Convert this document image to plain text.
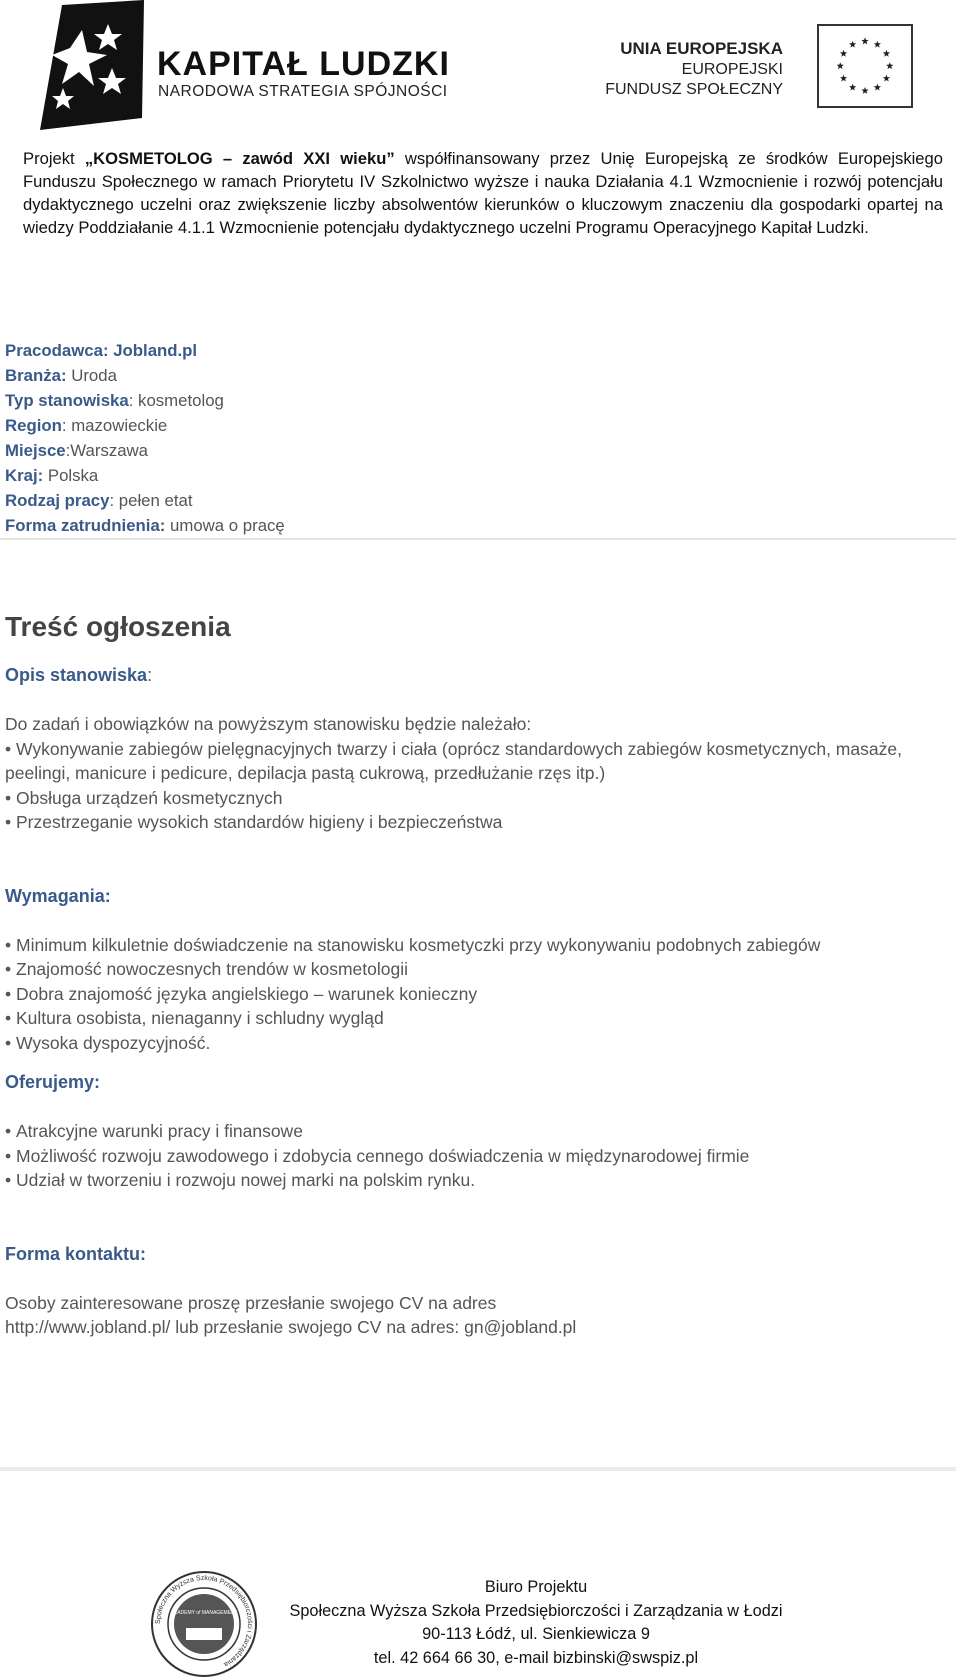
KAPITAŁ LUDZKI
NARODOWA STRATEGIA SPÓJNOŚCI
UNIA EUROPEJSKA
EUROPEJSKI
FUNDUSZ SPOŁECZNY
Projekt „KOSMETOLOG – zawód XXI wieku” współfinansowany przez Unię Europejską ze środków Europejskiego Funduszu Społecznego w ramach Priorytetu IV Szkolnictwo wyższe i nauka Działania 4.1 Wzmocnienie i rozwój potencjału dydaktycznego uczelni oraz zwiększenie liczby absolwentów kierunków o kluczowym znaczeniu dla gospodarki opartej na wiedzy Poddziałanie 4.1.1 Wzmocnienie potencjału dydaktycznego uczelni Programu Operacyjnego Kapitał Ludzki.
Pracodawca: Jobland.pl
Branża: Uroda
Typ stanowiska: kosmetolog
Region: mazowieckie
Miejsce:Warszawa
Kraj: Polska
Rodzaj pracy: pełen etat
Forma zatrudnienia: umowa o pracę
Treść ogłoszenia
Opis stanowiska:

Do zadań i obowiązków na powyższym stanowisku będzie należało:

• Wykonywanie zabiegów pielęgnacyjnych twarzy i ciała (oprócz standardowych zabiegów kosmetycznych, masaże, peelingi, manicure i pedicure, depilacja pastą cukrową, przedłużanie rzęs itp.)
• Obsługa urządzeń kosmetycznych
• Przestrzeganie wysokich standardów higieny i bezpieczeństwa
Wymagania:
• Minimum kilkuletnie doświadczenie na stanowisku kosmetyczki przy wykonywaniu podobnych zabiegów
• Znajomość nowoczesnych trendów w kosmetologii
• Dobra znajomość języka angielskiego – warunek konieczny
• Kultura osobista, nienaganny i schludny wygląd
• Wysoka dyspozycyjność.
Oferujemy:
• Atrakcyjne warunki pracy i finansowe
• Możliwość rozwoju zawodowego i zdobycia cennego doświadczenia w międzynarodowej firmie
• Udział w tworzeniu i rozwoju nowej marki na polskim rynku.
Forma kontaktu:
Osoby zainteresowane proszę przesłanie swojego CV na adres
http://www.jobland.pl/ lub przesłanie swojego CV na adres: gn@jobland.pl
Społeczna Wyższa Szkoła Przedsiębiorczości i Zarządzania
ACADEMY of MANAGEMENT
Biuro Projektu
Społeczna Wyższa Szkoła Przedsiębiorczości i Zarządzania w Łodzi
90-113 Łódź, ul. Sienkiewicza 9
tel. 42 664 66 30, e-mail bizbinski@swspiz.pl
